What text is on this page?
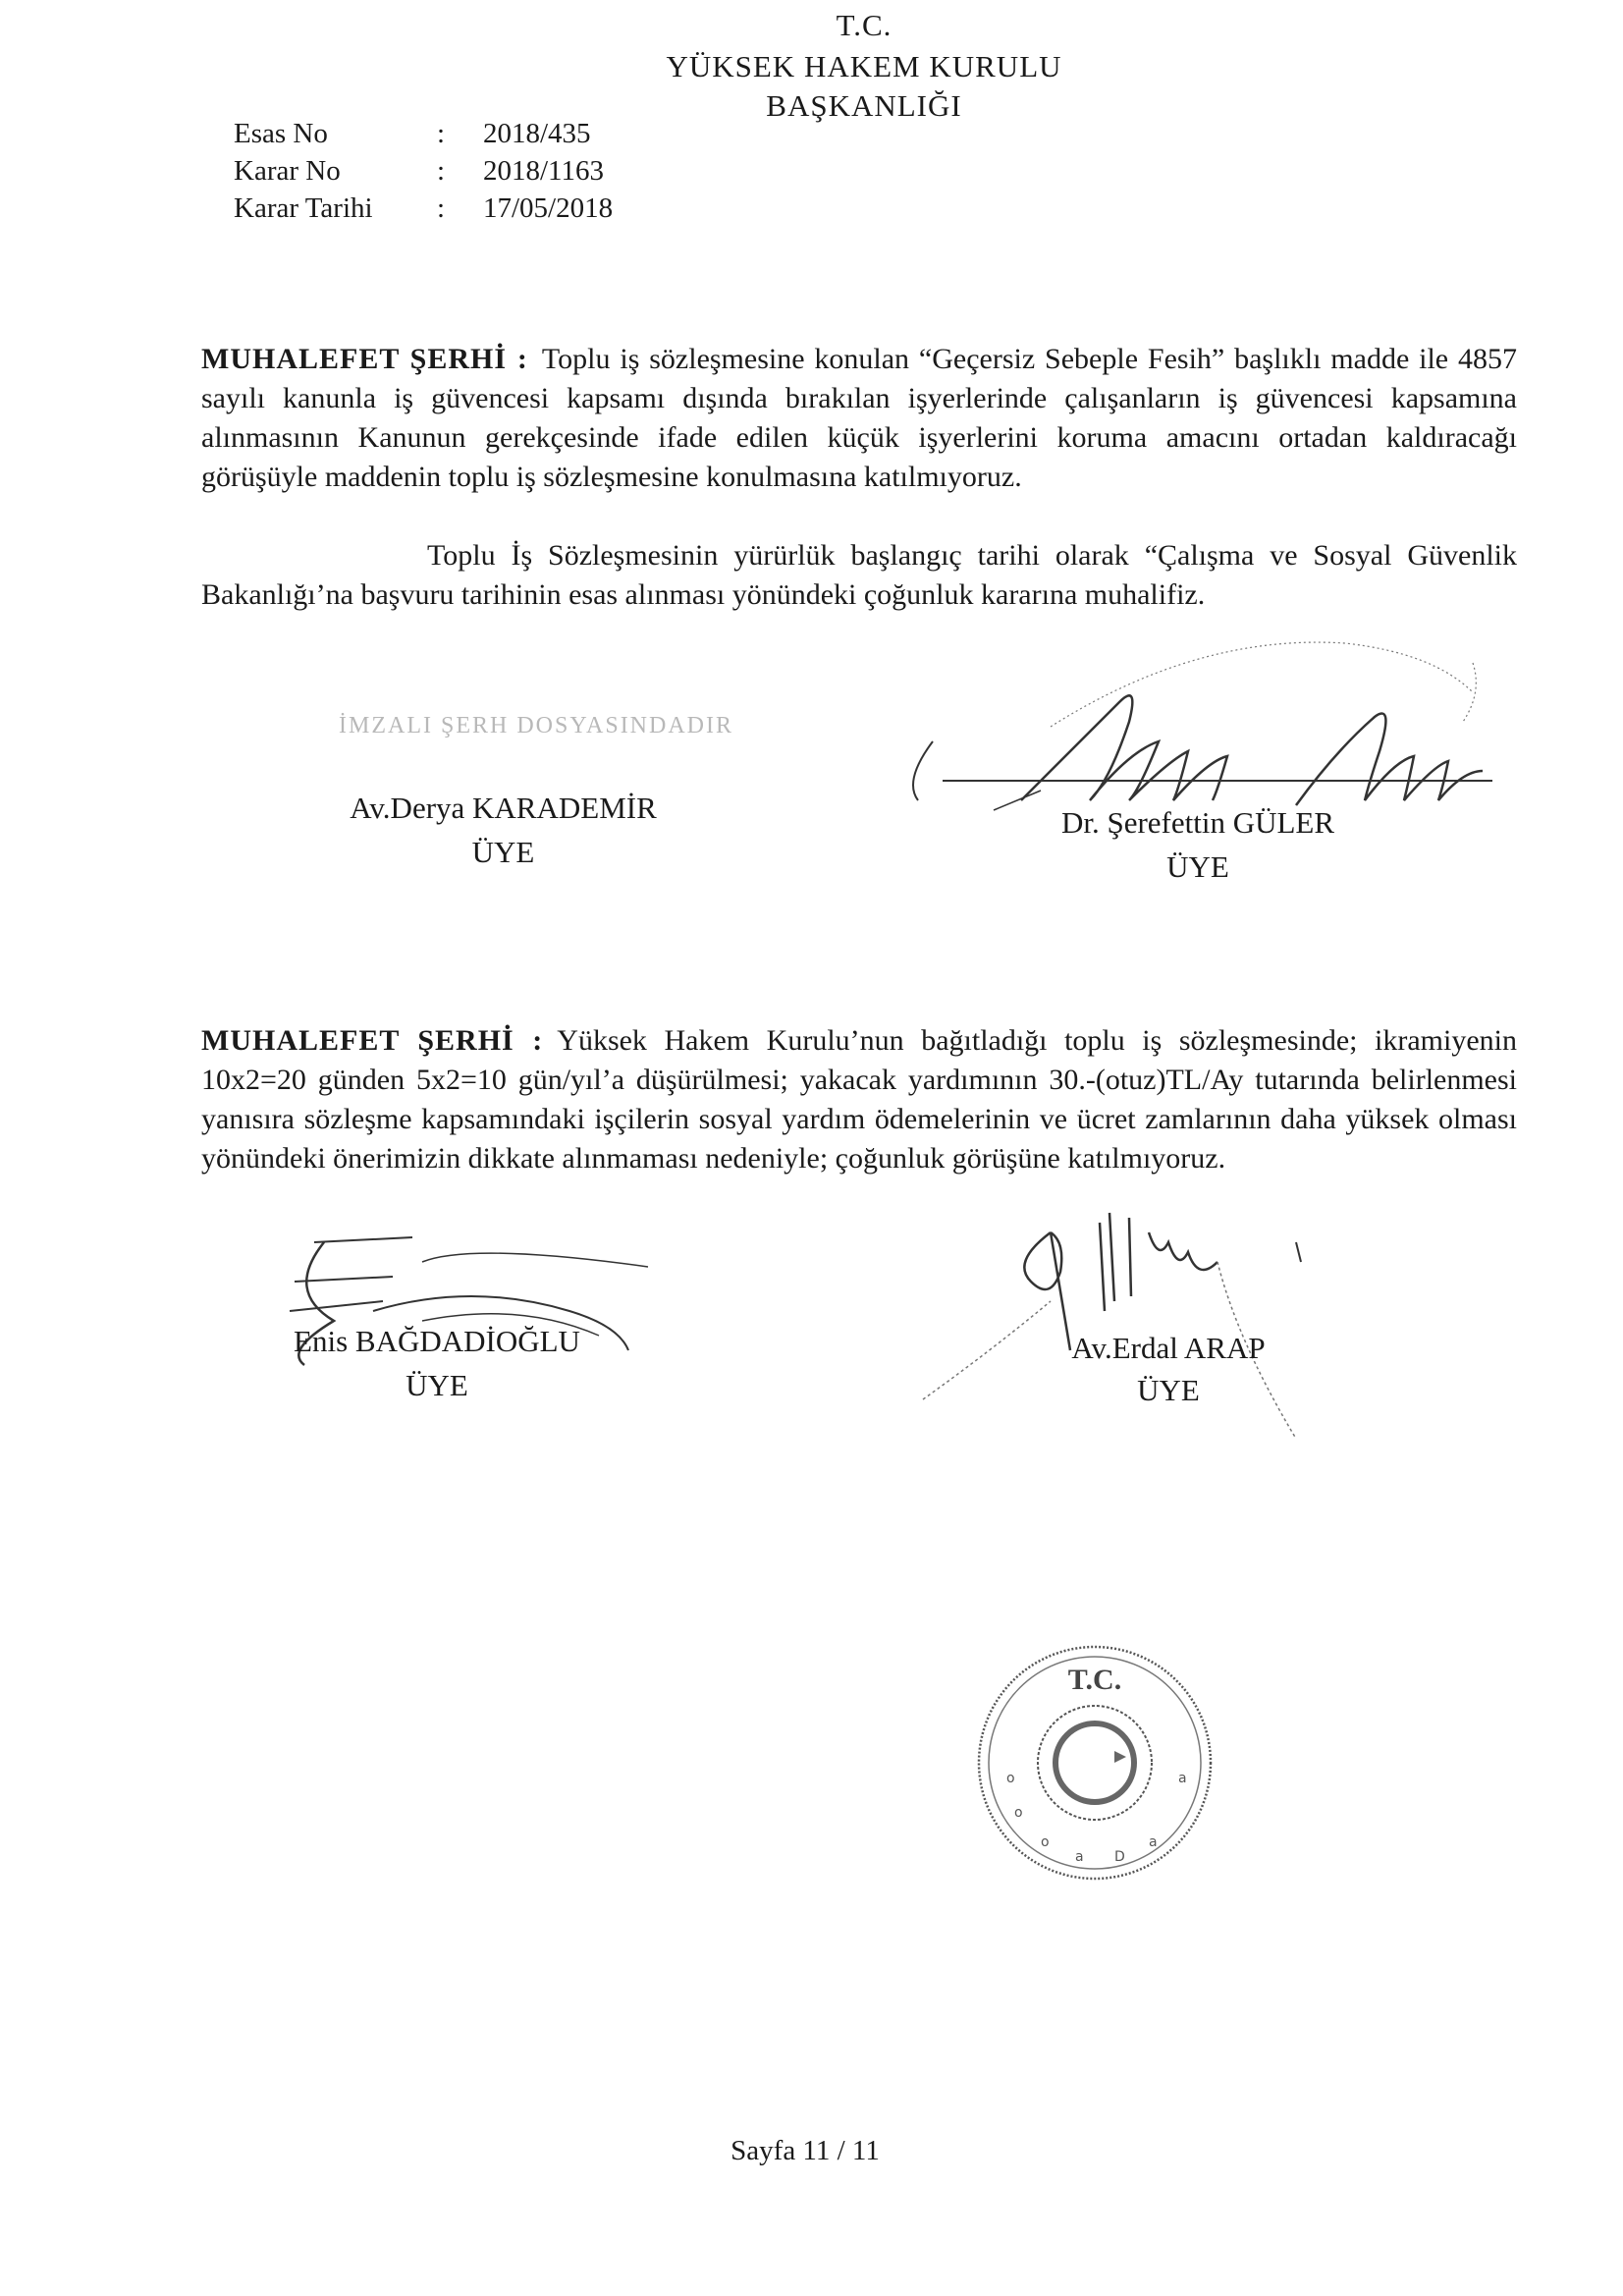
T.C.
YÜKSEK HAKEM KURULU
BAŞKANLIĞI
Esas No	: 2018/435
Karar No	: 2018/1163
Karar Tarihi : 17/05/2018
MUHALEFET ŞERHİ : Toplu iş sözleşmesine konulan “Geçersiz Sebeple Fesih” başlıklı madde ile 4857 sayılı kanunla iş güvencesi kapsamı dışında bırakılan işyerlerinde çalışanların iş güvencesi kapsamına alınmasının Kanunun gerekçesinde ifade edilen küçük işyerlerini koruma amacını ortadan kaldıracağı görüşüyle maddenin toplu iş sözleşmesine konulmasına katılmıyoruz.
Toplu İş Sözleşmesinin yürürlük başlangıç tarihi olarak “Çalışma ve Sosyal Güvenlik Bakanlığı’na başvuru tarihinin esas alınması yönündeki çoğunluk kararına muhalifiz.
İMZALI ŞERH DOSYASINDADIR
Av.Derya KARADEMİR
ÜYE
Dr. Şerefettin GÜLER
ÜYE
MUHALEFET ŞERHİ : Yüksek Hakem Kurulu’nun bağıtladığı toplu iş sözleşmesinde; ikramiyenin 10x2=20 günden 5x2=10 gün/yıl’a düşürülmesi; yakacak yardımının 30.-(otuz)TL/Ay tutarında belirlenmesi yanısıra sözleşme kapsamındaki işçilerin sosyal yardım ödemelerinin ve ücret zamlarının daha yüksek olması yönündeki önerimizin dikkate alınmaması nedeniyle; çoğunluk görüşüne katılmıyoruz.
Enis BAĞDADİOĞLU
ÜYE
Av.Erdal ARAP
ÜYE
o
o
a
o
a D
a
T.C.
Sayfa 11 / 11
